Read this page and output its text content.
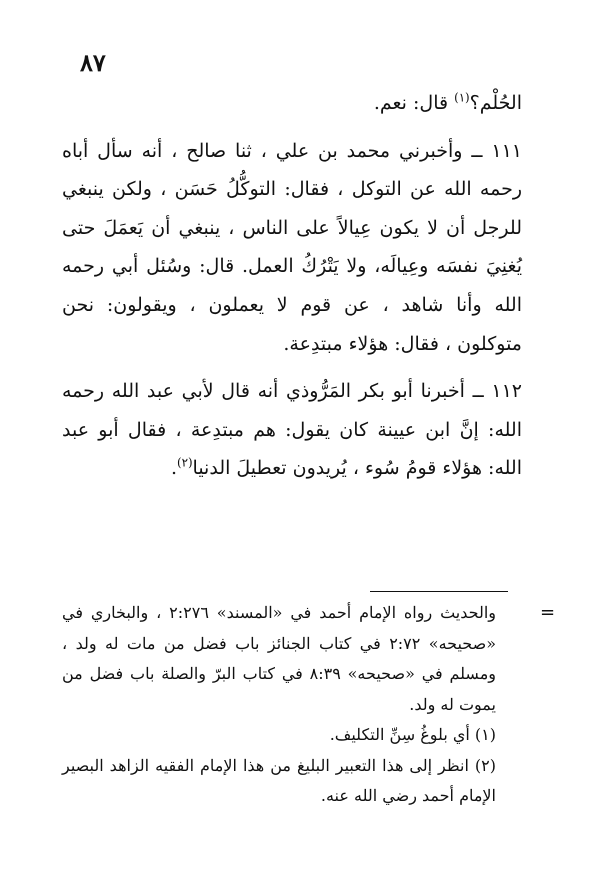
٨٧

الحُلْم؟$^{(١)}$ قال: نعم.

١١١ ــ وأخبرني محمد بن علي ، ثنا صالح ، أنه سأل أباه رحمه الله عن التوكل ، فقال: التوكُّلُ حَسَن ، ولكن ينبغي للرجل أن لا يكون عِيالاً على الناس ، ينبغي أن يَعمَلَ حتى يُغنِيَ نفسَه وعِيالَه، ولا يَتْرُكُ العمل. قال: وسُئل أبي رحمه الله وأنا شاهد ، عن قوم لا يعملون ، ويقولون: نحن متوكلون ، فقال: هؤلاء مبتدِعة.

١١٢ ــ أخبرنا أبو بكر المَرُّوذي أنه قال لأبي عبد الله رحمه الله: إنَّ ابن عيينة كان يقول: هم مبتدِعة ، فقال أبو عبد الله: هؤلاء قومُ سُوء ، يُريدون تعطيلَ الدنيا$^{(٢)}$.

=

والحديث رواه الإمام أحمد في «المسند» ٢:٢٧٦ ، والبخاري في «صحيحه» ٢:٧٢ في كتاب الجنائز باب فضل من مات له ولد ، ومسلم في «صحيحه» ٨:٣٩ في كتاب البرّ والصلة باب فضل من يموت له ولد.

(١) أي بلوغُ سِنِّ التكليف.

(٢) انظر إلى هذا التعبير البليغ من هذا الإمام الفقيه الزاهد البصير الإمام أحمد رضي الله عنه.
